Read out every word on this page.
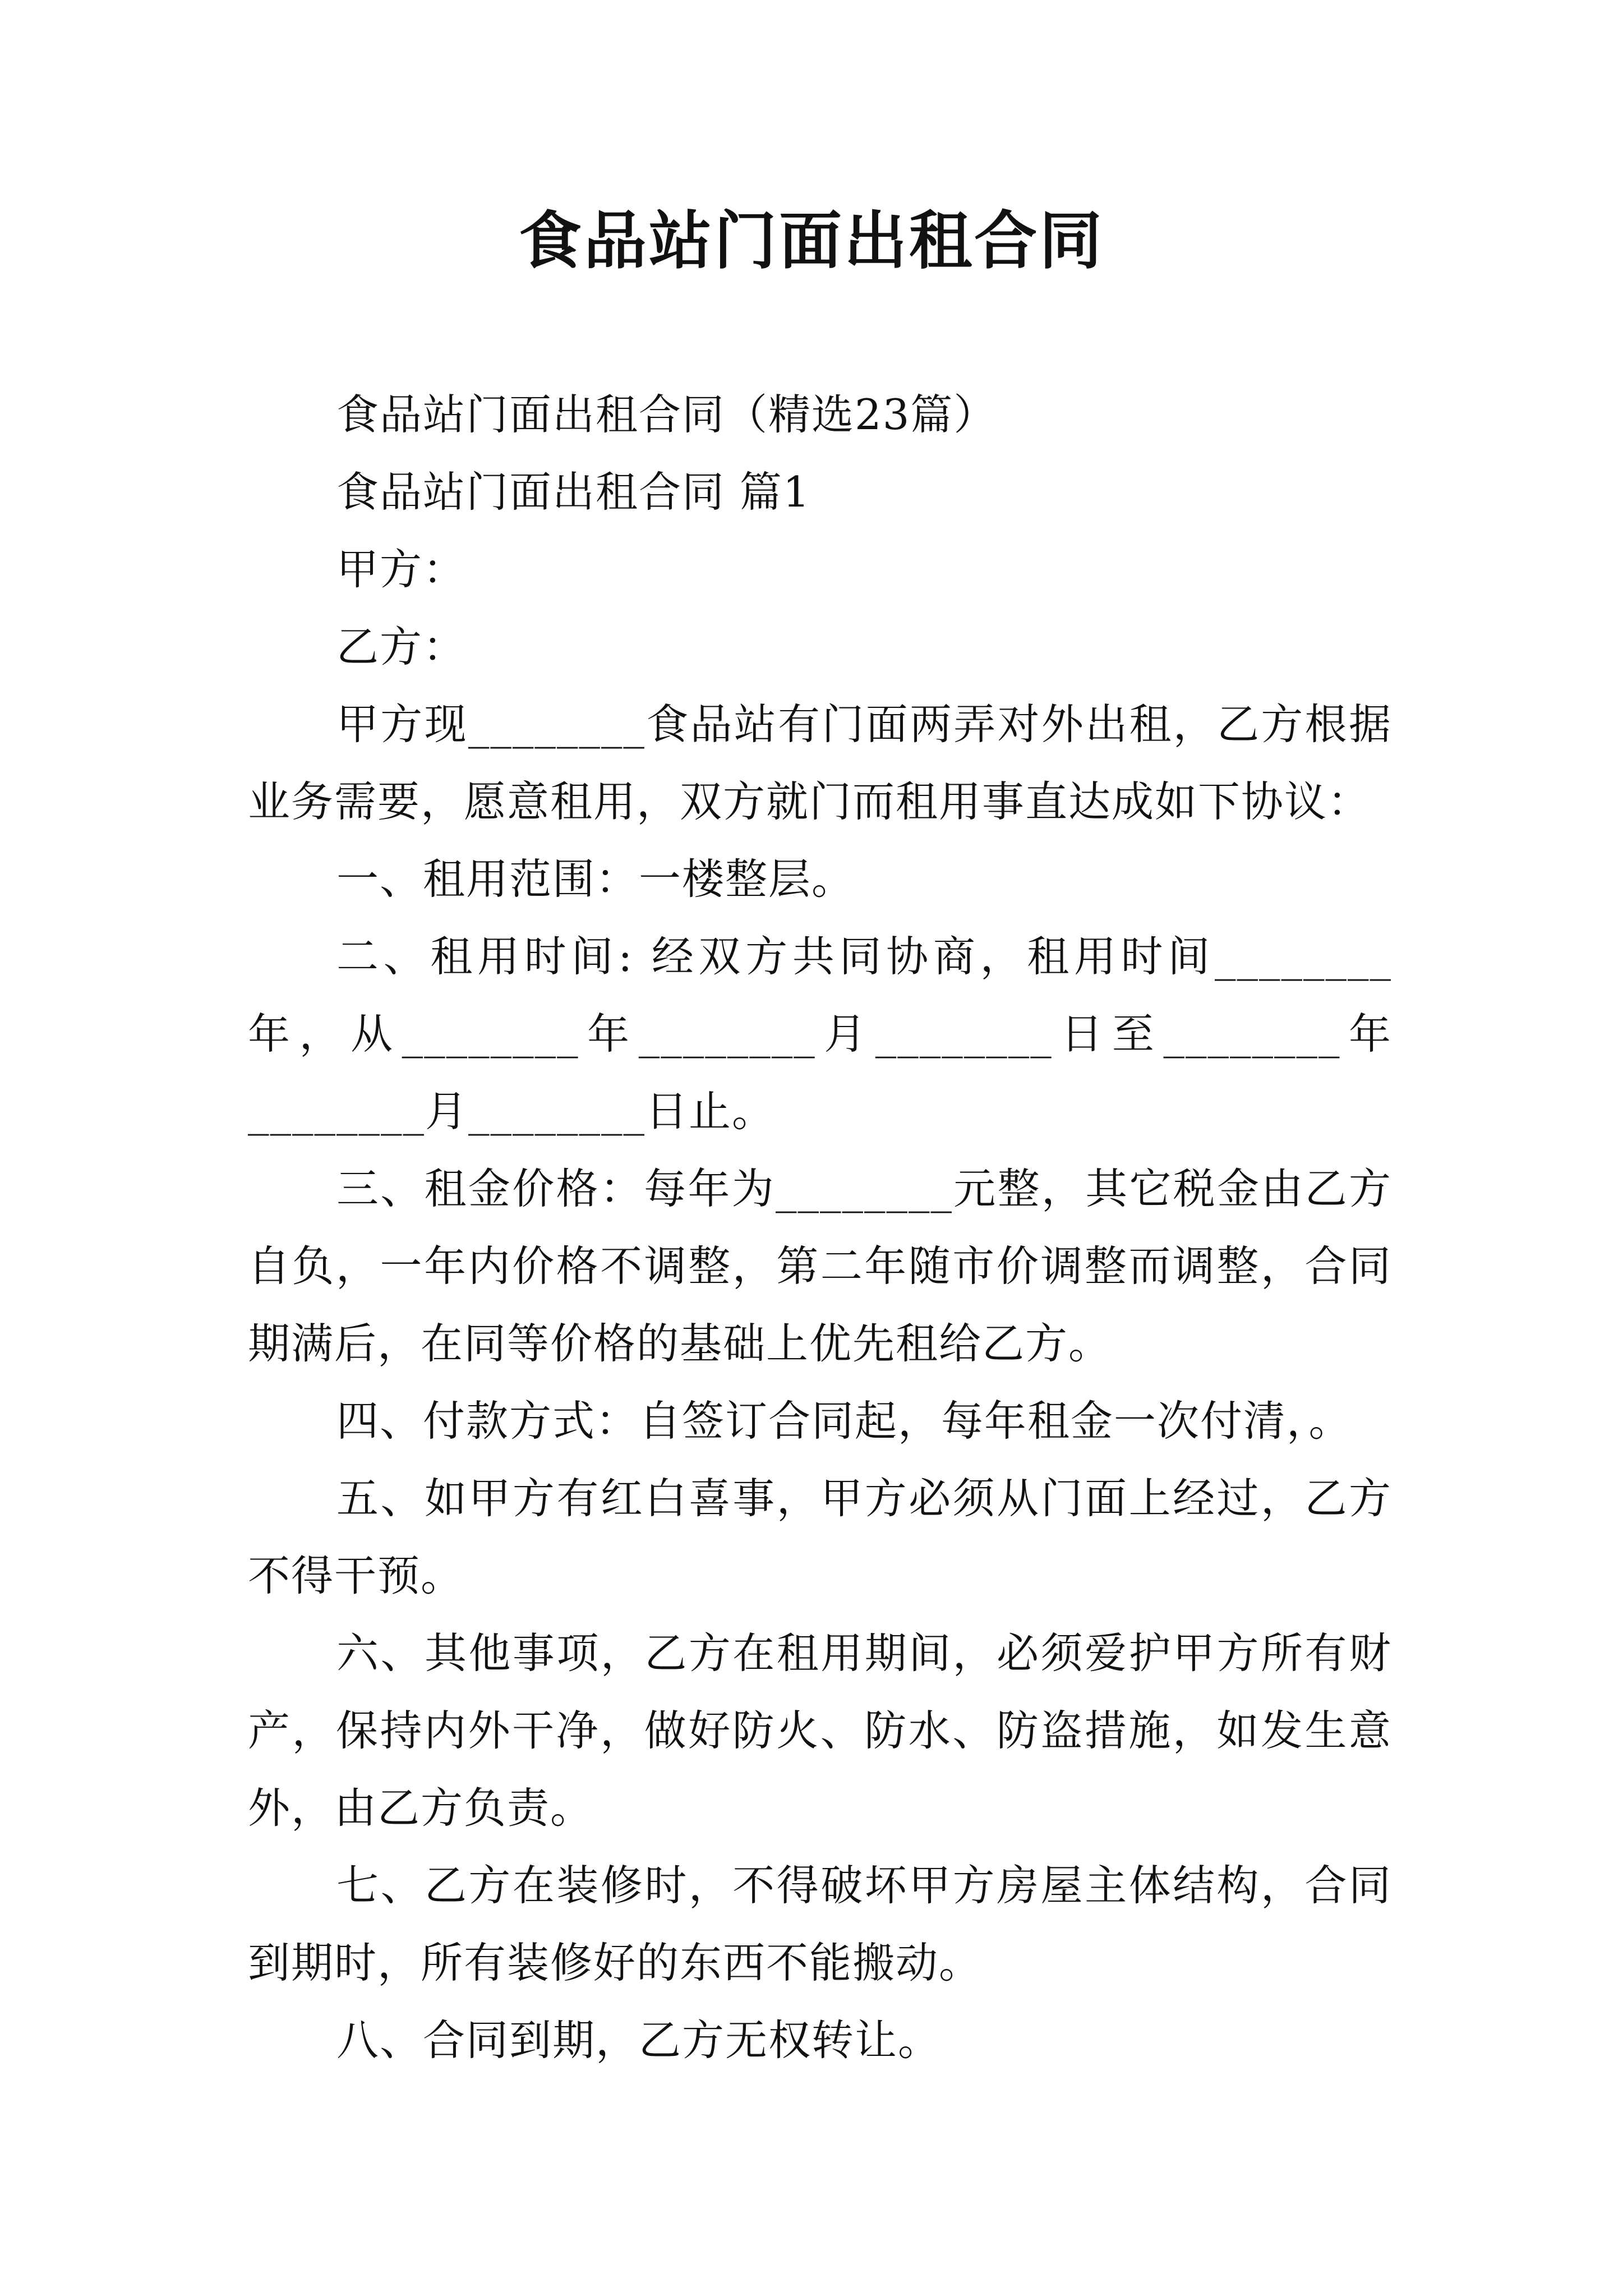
食品站门面出租合同

食品站门面出租合同（精选23篇）

食品站门面出租合同 篇1

甲方：

乙方：

甲方现________食品站有门面两弄对外出租，乙方根据业务需要，愿意租用，双方就门而租用事直达成如下协议：

一、租用范围：一楼整层。

二、租用时间: 经双方共同协商，租用时间________年，从________年________月________日至________年________月________日止。

三、租金价格：每年为________元整，其它税金由乙方自负，一年内价格不调整，第二年随市价调整而调整，合同期满后，在同等价格的基础上优先租给乙方。

四、付款方式：自签订合同起，每年租金一次付清，。

五、如甲方有红白喜事，甲方必须从门面上经过，乙方不得干预。

六、其他事项，乙方在租用期间，必须爱护甲方所有财产，保持内外干净，做好防火、防水、防盗措施，如发生意外，由乙方负责。

七、乙方在装修时，不得破坏甲方房屋主体结构，合同到期时，所有装修好的东西不能搬动。

八、合同到期，乙方无权转让。
